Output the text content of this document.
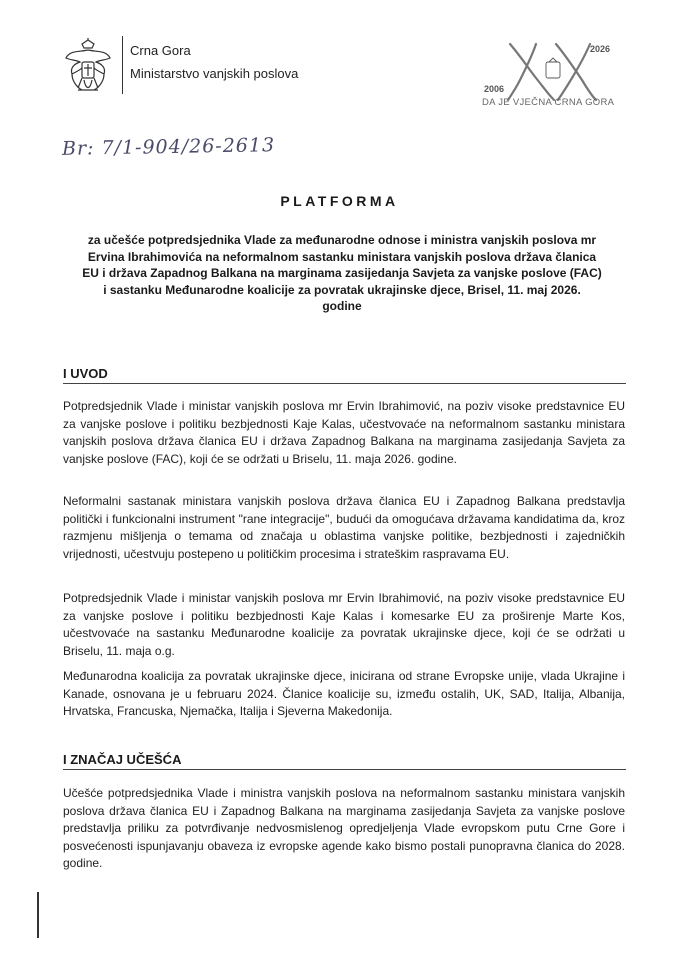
Crna Gora
Ministarstvo vanjskih poslova
2026
2006
DA JE VJEČNA CRNA GORA
Br: 7/1-904/26-2613
PLATFORMA
za učešće potpredsjednika Vlade za međunarodne odnose i ministra vanjskih poslova mr Ervina Ibrahimovića na neformalnom sastanku ministara vanjskih poslova država članica EU i država Zapadnog Balkana na marginama zasijedanja Savjeta za vanjske poslove (FAC) i sastanku Međunarodne koalicije za povratak ukrajinske djece, Brisel, 11. maj 2026. godine
I UVOD
Potpredsjednik Vlade i ministar vanjskih poslova mr Ervin Ibrahimović, na poziv visoke predstavnice EU za vanjske poslove i politiku bezbjednosti Kaje Kalas, učestvovaće na neformalnom sastanku ministara vanjskih poslova država članica EU i država Zapadnog Balkana na marginama zasijedanja Savjeta za vanjske poslove (FAC), koji će se održati u Briselu, 11. maja 2026. godine.
Neformalni sastanak ministara vanjskih poslova država članica EU i Zapadnog Balkana predstavlja politički i funkcionalni instrument "rane integracije", budući da omogućava državama kandidatima da, kroz razmjenu mišljenja o temama od značaja u oblastima vanjske politike, bezbjednosti i zajedničkih vrijednosti, učestvuju postepeno u političkim procesima i strateškim raspravama EU.
Potpredsjednik Vlade i ministar vanjskih poslova mr Ervin Ibrahimović, na poziv visoke predstavnice EU za vanjske poslove i politiku bezbjednosti Kaje Kalas i komesarke EU za proširenje Marte Kos, učestvovaće na sastanku Međunarodne koalicije za povratak ukrajinske djece, koji će se održati u Briselu, 11. maja o.g.
Međunarodna koalicija za povratak ukrajinske djece, inicirana od strane Evropske unije, vlada Ukrajine i Kanade, osnovana je u februaru 2024. Članice koalicije su, između ostalih, UK, SAD, Italija, Albanija, Hrvatska, Francuska, Njemačka, Italija i Sjeverna Makedonija.
I ZNAČAJ UČEŠĆA
Učešće potpredsjednika Vlade i ministra vanjskih poslova na neformalnom sastanku ministara vanjskih poslova država članica EU i Zapadnog Balkana na marginama zasijedanja Savjeta za vanjske poslove predstavlja priliku za potvrđivanje nedvosmislenog opredjeljenja Vlade evropskom putu Crne Gore i posvećenosti ispunjavanju obaveza iz evropske agende kako bismo postali punopravna članica do 2028. godine.
